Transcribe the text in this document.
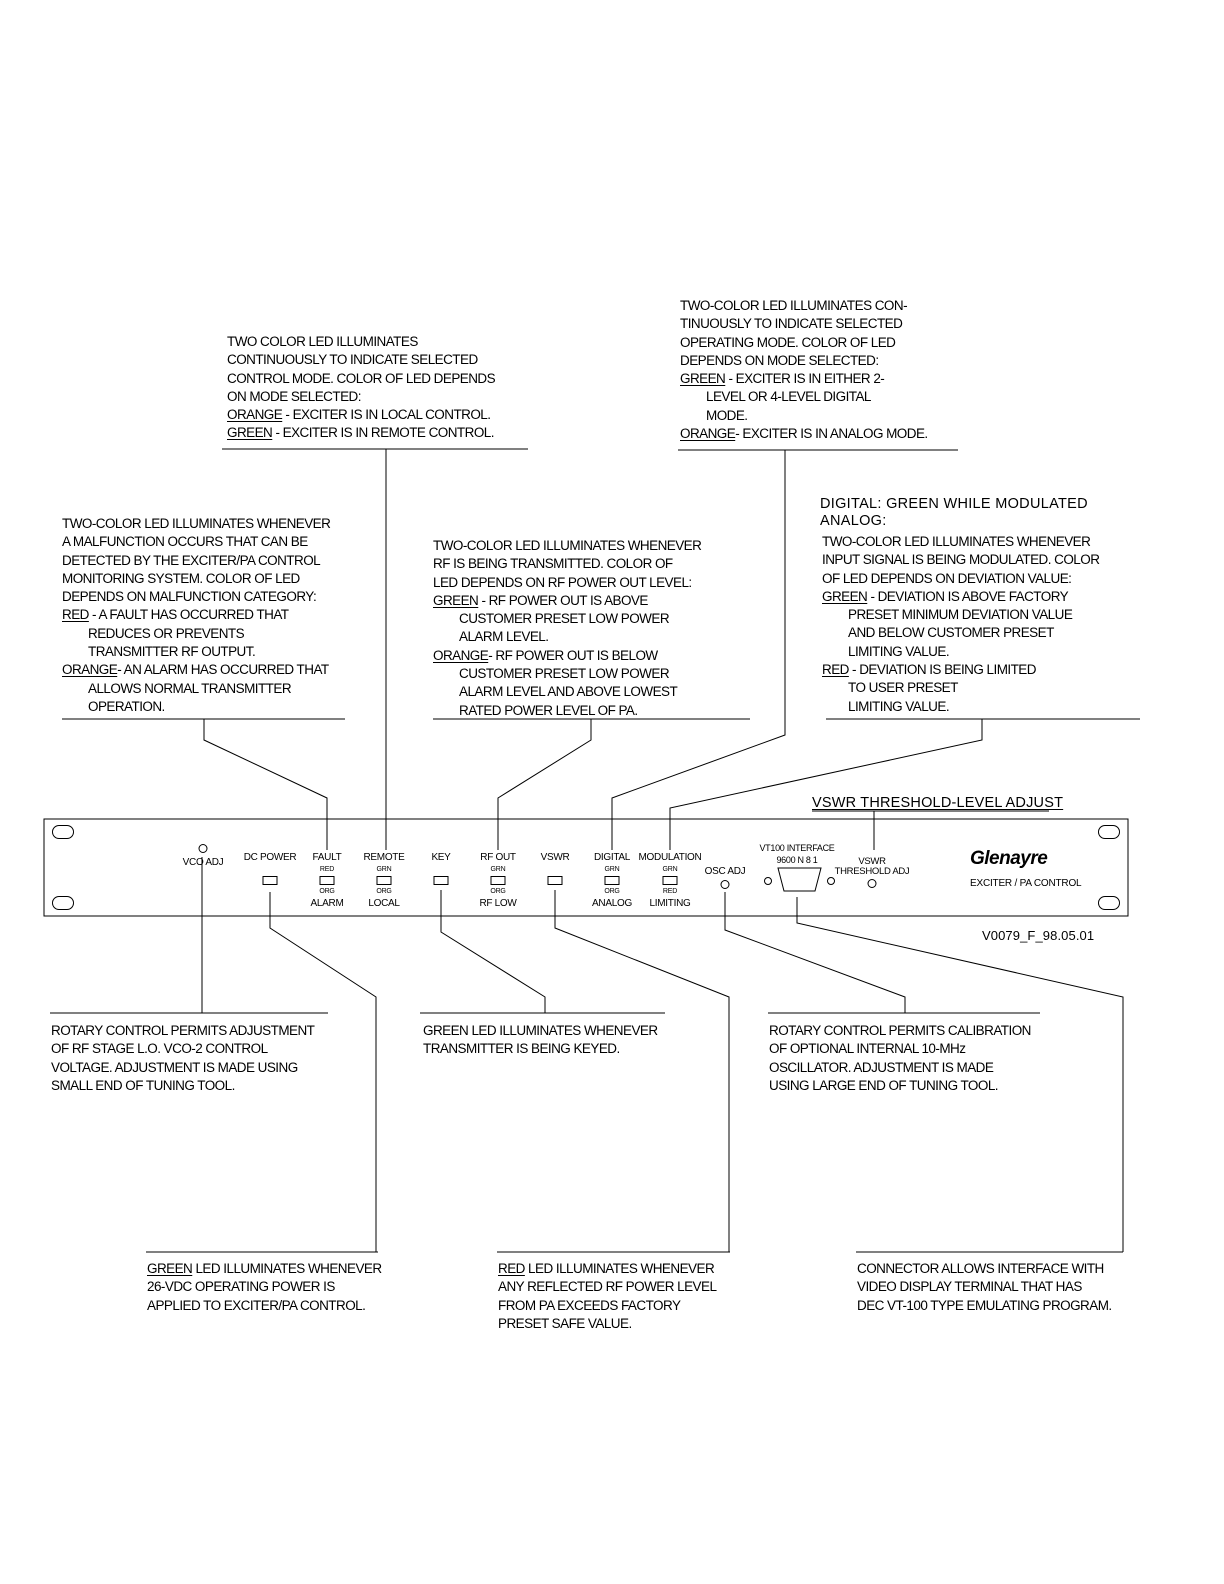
TWO COLOR LED ILLUMINATES
CONTINUOUSLY TO INDICATE SELECTED
CONTROL MODE. COLOR OF LED DEPENDS
ON MODE SELECTED:
ORANGE - EXCITER IS IN LOCAL CONTROL.
GREEN - EXCITER IS IN REMOTE CONTROL.
TWO-COLOR LED ILLUMINATES CON-
TINUOUSLY TO INDICATE SELECTED
OPERATING MODE. COLOR OF LED
DEPENDS ON MODE SELECTED:
GREEN - EXCITER IS IN EITHER 2-
LEVEL OR 4-LEVEL DIGITAL
MODE.
ORANGE- EXCITER IS IN ANALOG MODE.
TWO-COLOR LED ILLUMINATES WHENEVER
A MALFUNCTION OCCURS THAT CAN BE
DETECTED BY THE EXCITER/PA CONTROL
MONITORING SYSTEM. COLOR OF LED
DEPENDS ON MALFUNCTION CATEGORY:
RED - A FAULT HAS OCCURRED THAT
REDUCES OR PREVENTS
TRANSMITTER RF OUTPUT.
ORANGE- AN ALARM HAS OCCURRED THAT
ALLOWS NORMAL TRANSMITTER
OPERATION.
TWO-COLOR LED ILLUMINATES WHENEVER
RF IS BEING TRANSMITTED. COLOR OF
LED DEPENDS ON RF POWER OUT LEVEL:
GREEN - RF POWER OUT IS ABOVE
CUSTOMER PRESET LOW POWER
ALARM LEVEL.
ORANGE- RF POWER OUT IS BELOW
CUSTOMER PRESET LOW POWER
ALARM LEVEL AND ABOVE LOWEST
RATED POWER LEVEL OF PA.
DIGITAL: GREEN WHILE MODULATED
ANALOG:
TWO-COLOR LED ILLUMINATES WHENEVER
INPUT SIGNAL IS BEING MODULATED. COLOR
OF LED DEPENDS ON DEVIATION VALUE:
GREEN - DEVIATION IS ABOVE FACTORY
PRESET MINIMUM DEVIATION VALUE
AND BELOW CUSTOMER PRESET
LIMITING VALUE.
RED - DEVIATION IS BEING LIMITED
TO USER PRESET
LIMITING VALUE.
VSWR THRESHOLD-LEVEL ADJUST
VCO ADJ DC POWER FAULT
RED
ORG
ALARM
REMOTE
GRN
ORG
LOCAL
KEY	RF OUT
GRN
ORG
RF LOW
VSWR DIGITAL
GRN
ORG
ANALOG
MODULATION
GRN
RED
LIMITING
OSC ADJ
VT100 INTERFACE
9600 N 8 1	VSWR
THRESHOLD ADJ
Glenayre
EXCITER / PA CONTROL
V0079_F_98.05.01
ROTARY CONTROL PERMITS ADJUSTMENT
OF RF STAGE L.O. VCO-2 CONTROL
VOLTAGE. ADJUSTMENT IS MADE USING
SMALL END OF TUNING TOOL.
GREEN LED ILLUMINATES WHENEVER
TRANSMITTER IS BEING KEYED.
ROTARY CONTROL PERMITS CALIBRATION
OF OPTIONAL INTERNAL 10-MHz
OSCILLATOR. ADJUSTMENT IS MADE
USING LARGE END OF TUNING TOOL.
GREEN LED ILLUMINATES WHENEVER
26-VDC OPERATING POWER IS
APPLIED TO EXCITER/PA CONTROL.
RED LED ILLUMINATES WHENEVER
ANY REFLECTED RF POWER LEVEL
FROM PA EXCEEDS FACTORY
PRESET SAFE VALUE.
CONNECTOR ALLOWS INTERFACE WITH
VIDEO DISPLAY TERMINAL THAT HAS
DEC VT-100 TYPE EMULATING PROGRAM.
